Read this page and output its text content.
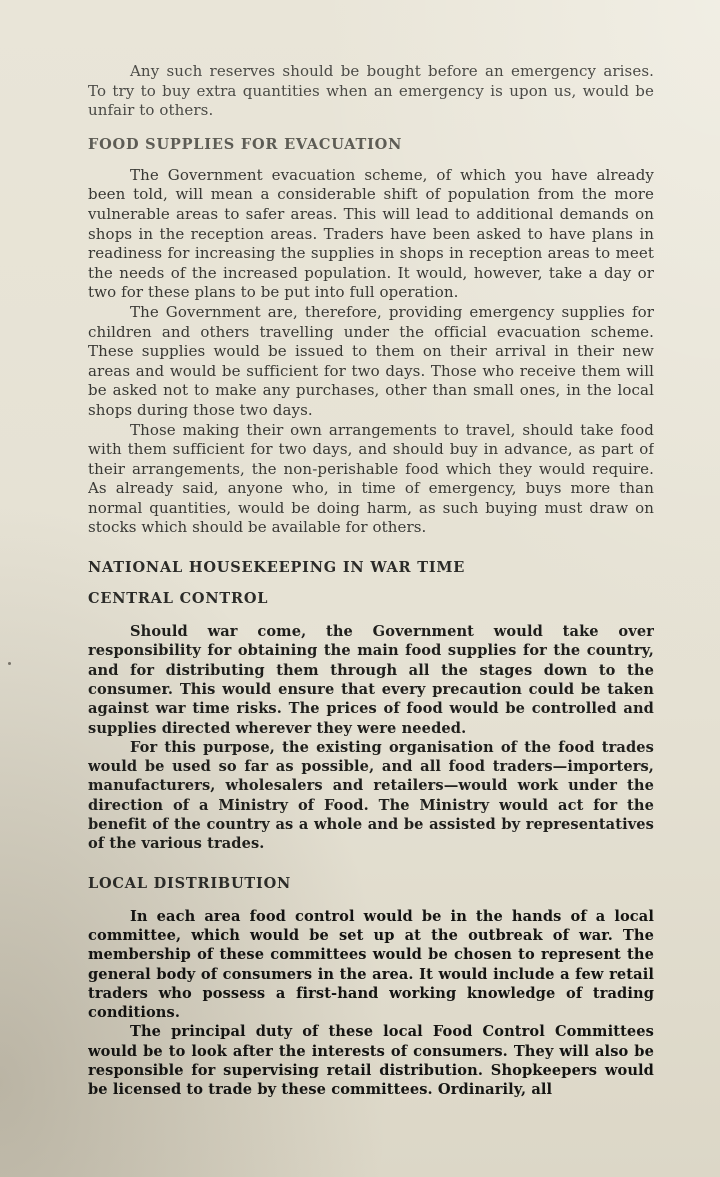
Any such reserves should be bought before an emergency arises. To try to buy extra quantities when an emergency is upon us, would be unfair to others.

FOOD SUPPLIES FOR EVACUATION

The Government evacuation scheme, of which you have already been told, will mean a considerable shift of population from the more vulnerable areas to safer areas. This will lead to additional demands on shops in the reception areas. Traders have been asked to have plans in readiness for increasing the supplies in shops in reception areas to meet the needs of the increased population. It would, however, take a day or two for these plans to be put into full operation.

The Government are, therefore, providing emergency supplies for children and others travelling under the official evacuation scheme. These supplies would be issued to them on their arrival in their new areas and would be sufficient for two days. Those who receive them will be asked not to make any purchases, other than small ones, in the local shops during those two days.

Those making their own arrangements to travel, should take food with them sufficient for two days, and should buy in advance, as part of their arrangements, the non-perishable food which they would require. As already said, anyone who, in time of emergency, buys more than normal quantities, would be doing harm, as such buying must draw on stocks which should be available for others.

NATIONAL HOUSEKEEPING IN WAR TIME
CENTRAL CONTROL

Should war come, the Government would take over responsibility for obtaining the main food supplies for the country, and for distributing them through all the stages down to the consumer. This would ensure that every precaution could be taken against war time risks. The prices of food would be controlled and supplies directed wherever they were needed.

For this purpose, the existing organisation of the food trades would be used so far as possible, and all food traders—importers, manufacturers, wholesalers and retailers—would work under the direction of a Ministry of Food. The Ministry would act for the benefit of the country as a whole and be assisted by representatives of the various trades.

LOCAL DISTRIBUTION

In each area food control would be in the hands of a local committee, which would be set up at the outbreak of war. The membership of these committees would be chosen to represent the general body of consumers in the area. It would include a few retail traders who possess a first-hand working knowledge of trading conditions.

The principal duty of these local Food Control Committees would be to look after the interests of consumers. They will also be responsible for supervising retail distribution. Shopkeepers would be licensed to trade by these committees. Ordinarily, all
